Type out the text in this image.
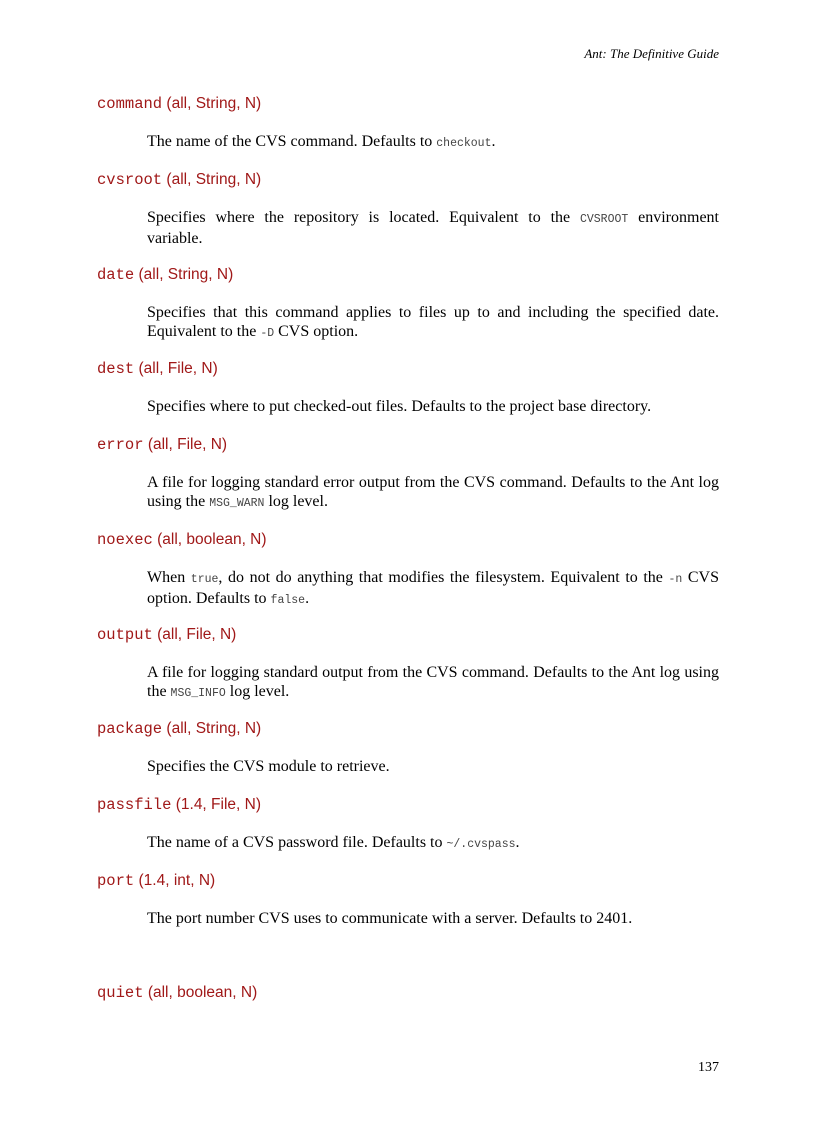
Ant: The Definitive Guide

command (all, String, N)

The name of the CVS command. Defaults to checkout.

cvsroot (all, String, N)

Specifies where the repository is located. Equivalent to the CVSROOT environment variable.

date (all, String, N)

Specifies that this command applies to files up to and including the specified date. Equivalent to the -D CVS option.

dest (all, File, N)

Specifies where to put checked-out files. Defaults to the project base directory.

error (all, File, N)

A file for logging standard error output from the CVS command. Defaults to the Ant log using the MSG_WARN log level.

noexec (all, boolean, N)

When true, do not do anything that modifies the filesystem. Equivalent to the -n CVS option. Defaults to false.

output (all, File, N)

A file for logging standard output from the CVS command. Defaults to the Ant log using the MSG_INFO log level.

package (all, String, N)

Specifies the CVS module to retrieve.

passfile (1.4, File, N)

The name of a CVS password file. Defaults to ~/.cvspass.

port (1.4, int, N)

The port number CVS uses to communicate with a server. Defaults to 2401.

quiet (all, boolean, N)

137
